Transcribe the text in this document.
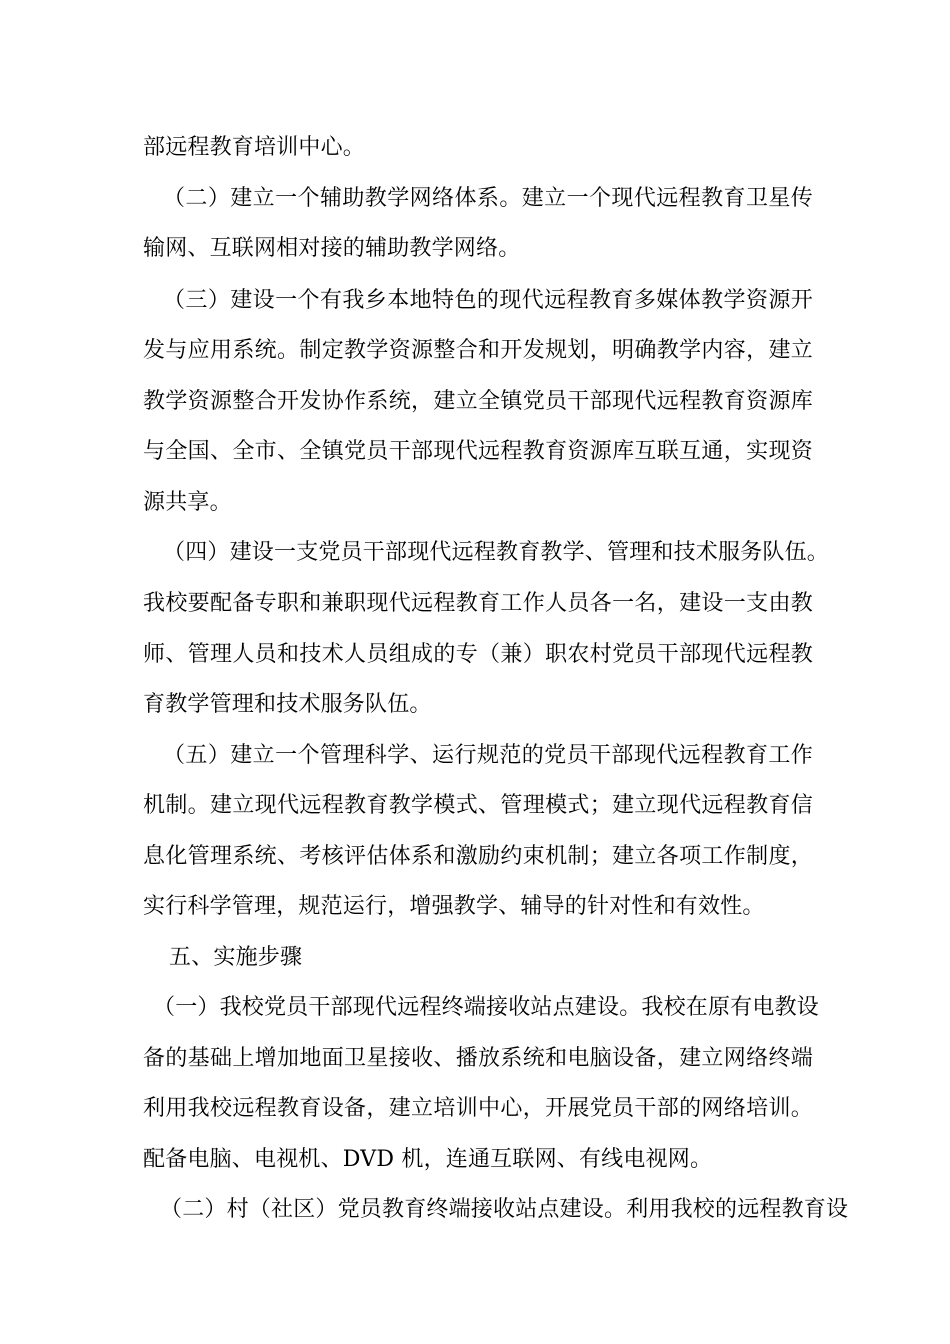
部远程教育培训中心。
（二）建立一个辅助教学网络体系。建立一个现代远程教育卫星传
输网、互联网相对接的辅助教学网络。
（三）建设一个有我乡本地特色的现代远程教育多媒体教学资源开
发与应用系统。制定教学资源整合和开发规划，明确教学内容，建立
教学资源整合开发协作系统，建立全镇党员干部现代远程教育资源库
与全国、全市、全镇党员干部现代远程教育资源库互联互通，实现资
源共享。
（四）建设一支党员干部现代远程教育教学、管理和技术服务队伍。
我校要配备专职和兼职现代远程教育工作人员各一名，建设一支由教
师、管理人员和技术人员组成的专（兼）职农村党员干部现代远程教
育教学管理和技术服务队伍。
（五）建立一个管理科学、运行规范的党员干部现代远程教育工作
机制。建立现代远程教育教学模式、管理模式；建立现代远程教育信
息化管理系统、考核评估体系和激励约束机制；建立各项工作制度，
实行科学管理，规范运行，增强教学、辅导的针对性和有效性。
五、实施步骤
（一）我校党员干部现代远程终端接收站点建设。我校在原有电教设
备的基础上增加地面卫星接收、播放系统和电脑设备，建立网络终端
利用我校远程教育设备，建立培训中心，开展党员干部的网络培训。
配备电脑、电视机、DVD 机，连通互联网、有线电视网。
（二）村（社区）党员教育终端接收站点建设。利用我校的远程教育设
